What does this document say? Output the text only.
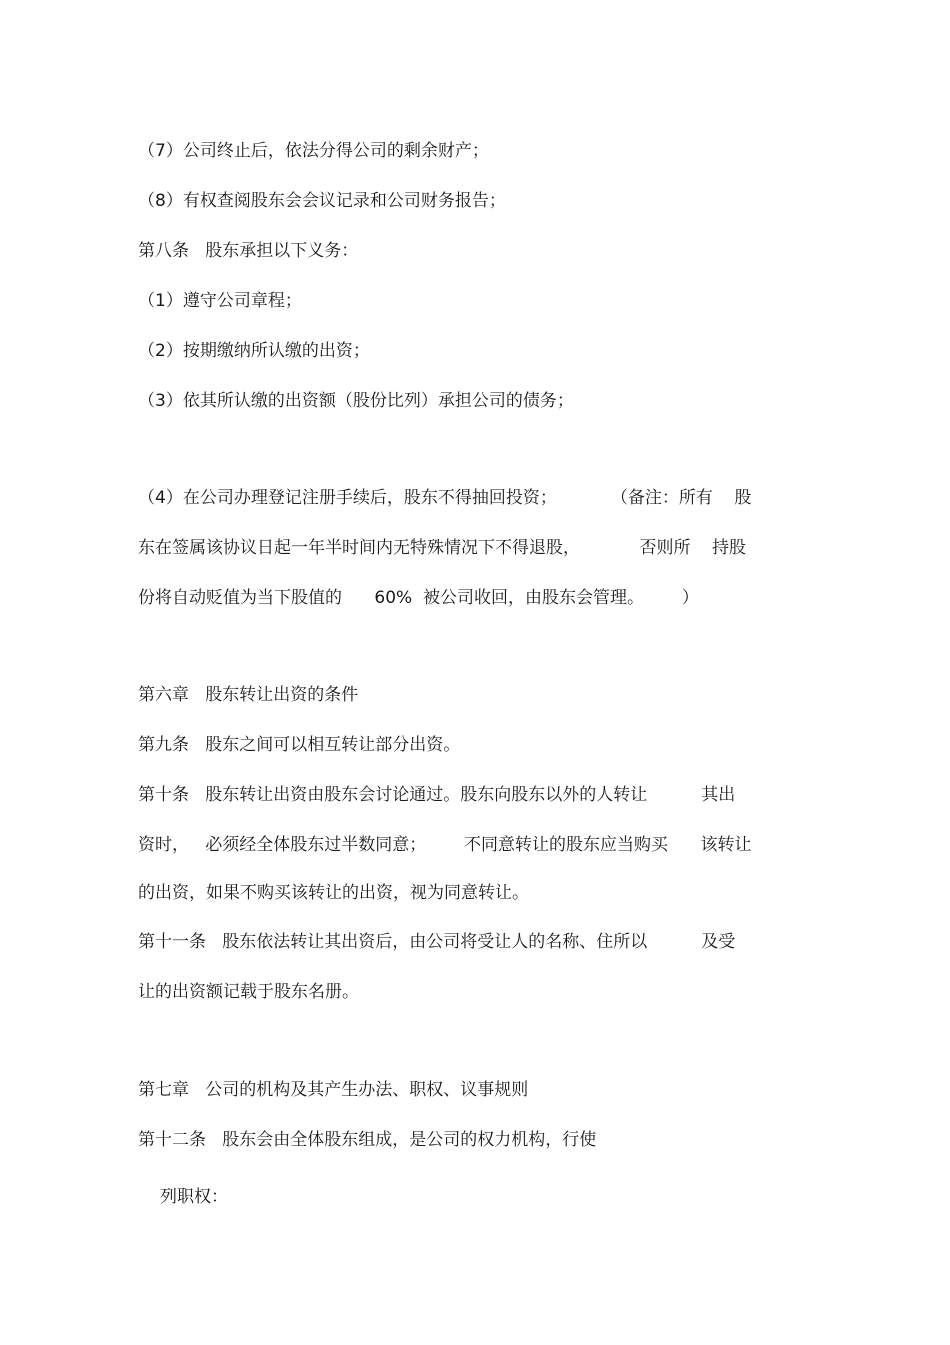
（7）公司终止后，依法分得公司的剩余财产；

（8）有权查阅股东会会议记录和公司财务报告；

第八条   股东承担以下义务：

（1）遵守公司章程；

（2）按期缴纳所认缴的出资；

（3）依其所认缴的出资额（股份比列）承担公司的债务；

（4）在公司办理登记注册手续后，股东不得抽回投资；          （备注：所有    股

东在签属该协议日起一年半时间内无特殊情况下不得退股，           否则所    持股

份将自动贬值为当下股值的      60%  被公司收回，由股东会管理。       ）

第六章   股东转让出资的条件

第九条   股东之间可以相互转让部分出资。

第十条   股东转让出资由股东会讨论通过。股东向股东以外的人转让          其出

资时，   必须经全体股东过半数同意；       不同意转让的股东应当购买      该转让

的出资，如果不购买该转让的出资，视为同意转让。

第十一条   股东依法转让其出资后，由公司将受让人的名称、住所以          及受

让的出资额记载于股东名册。

第七章   公司的机构及其产生办法、职权、议事规则

第十二条   股东会由全体股东组成，是公司的权力机构，行使

列职权：
